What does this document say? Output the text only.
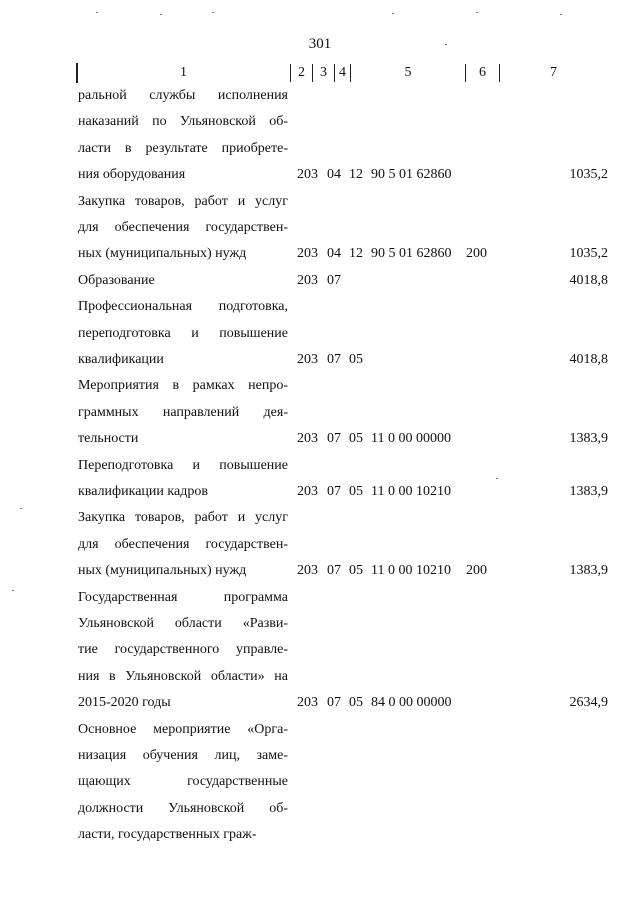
301
1	2	3 4	5	6	7
ральной службы исполнения
наказаний по Ульяновской об-
ласти в результате приобрете-
ния оборудования	203 04 12 90 5 01 62860	1035,2
Закупка товаров, работ и услуг
для обеспечения государствен-
ных (муниципальных) нужд	203 04 12 90 5 01 62860 200	1035,2
Образование	203 07	4018,8
Профессиональная подготовка,
переподготовка и повышение
квалификации	203 07 05	4018,8
Мероприятия в рамках непро-
граммных направлений дея-
тельности	203 07 05 11 0 00 00000	1383,9
Переподготовка и повышение
квалификации кадров	203 07 05 11 0 00 10210	1383,9
Закупка товаров, работ и услуг
для обеспечения государствен-
ных (муниципальных) нужд	203 07 05 11 0 00 10210 200	1383,9
Государственная программа
Ульяновской области «Разви-
тие государственного управле-
ния в Ульяновской области» на
2015-2020 годы	203 07 05 84 0 00 00000	2634,9
Основное мероприятие «Орга-
низация обучения лиц, заме-
щающих государственные
должности Ульяновской об-
ласти, государственных граж-
